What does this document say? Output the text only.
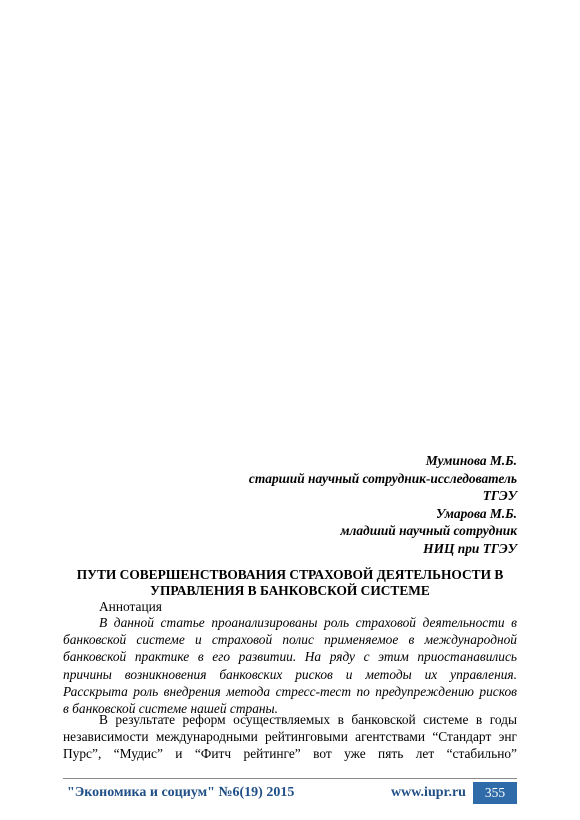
Муминова М.Б.
старший научный сотрудник-исследователь
ТГЭУ
Умарова М.Б.
младший научный сотрудник
НИЦ при ТГЭУ
ПУТИ СОВЕРШЕНСТВОВАНИЯ СТРАХОВОЙ ДЕЯТЕЛЬНОСТИ В
УПРАВЛЕНИЯ В БАНКОВСКОЙ СИСТЕМЕ
Аннотация
В данной статье проанализированы роль страховой деятельности в
банковской системе и страховой полис применяемое в международной
банковской практике в его развитии. На ряду с этим приостанавились
причины возникновения банковских рисков и методы их управления.
Расскрыта роль внедрения метода стресс-тест по предупреждению рисков
в банковской системе нашей страны.
В результате реформ осуществляемых в банковской системе в годы
независимости международными рейтинговыми агентствами “Стандарт энг
Пурс”, “Мудис” и “Фитч рейтинге” вот уже пять лет “стабильно”
"Экономика и социум" №6(19) 2015	www.iupr.ru	355
